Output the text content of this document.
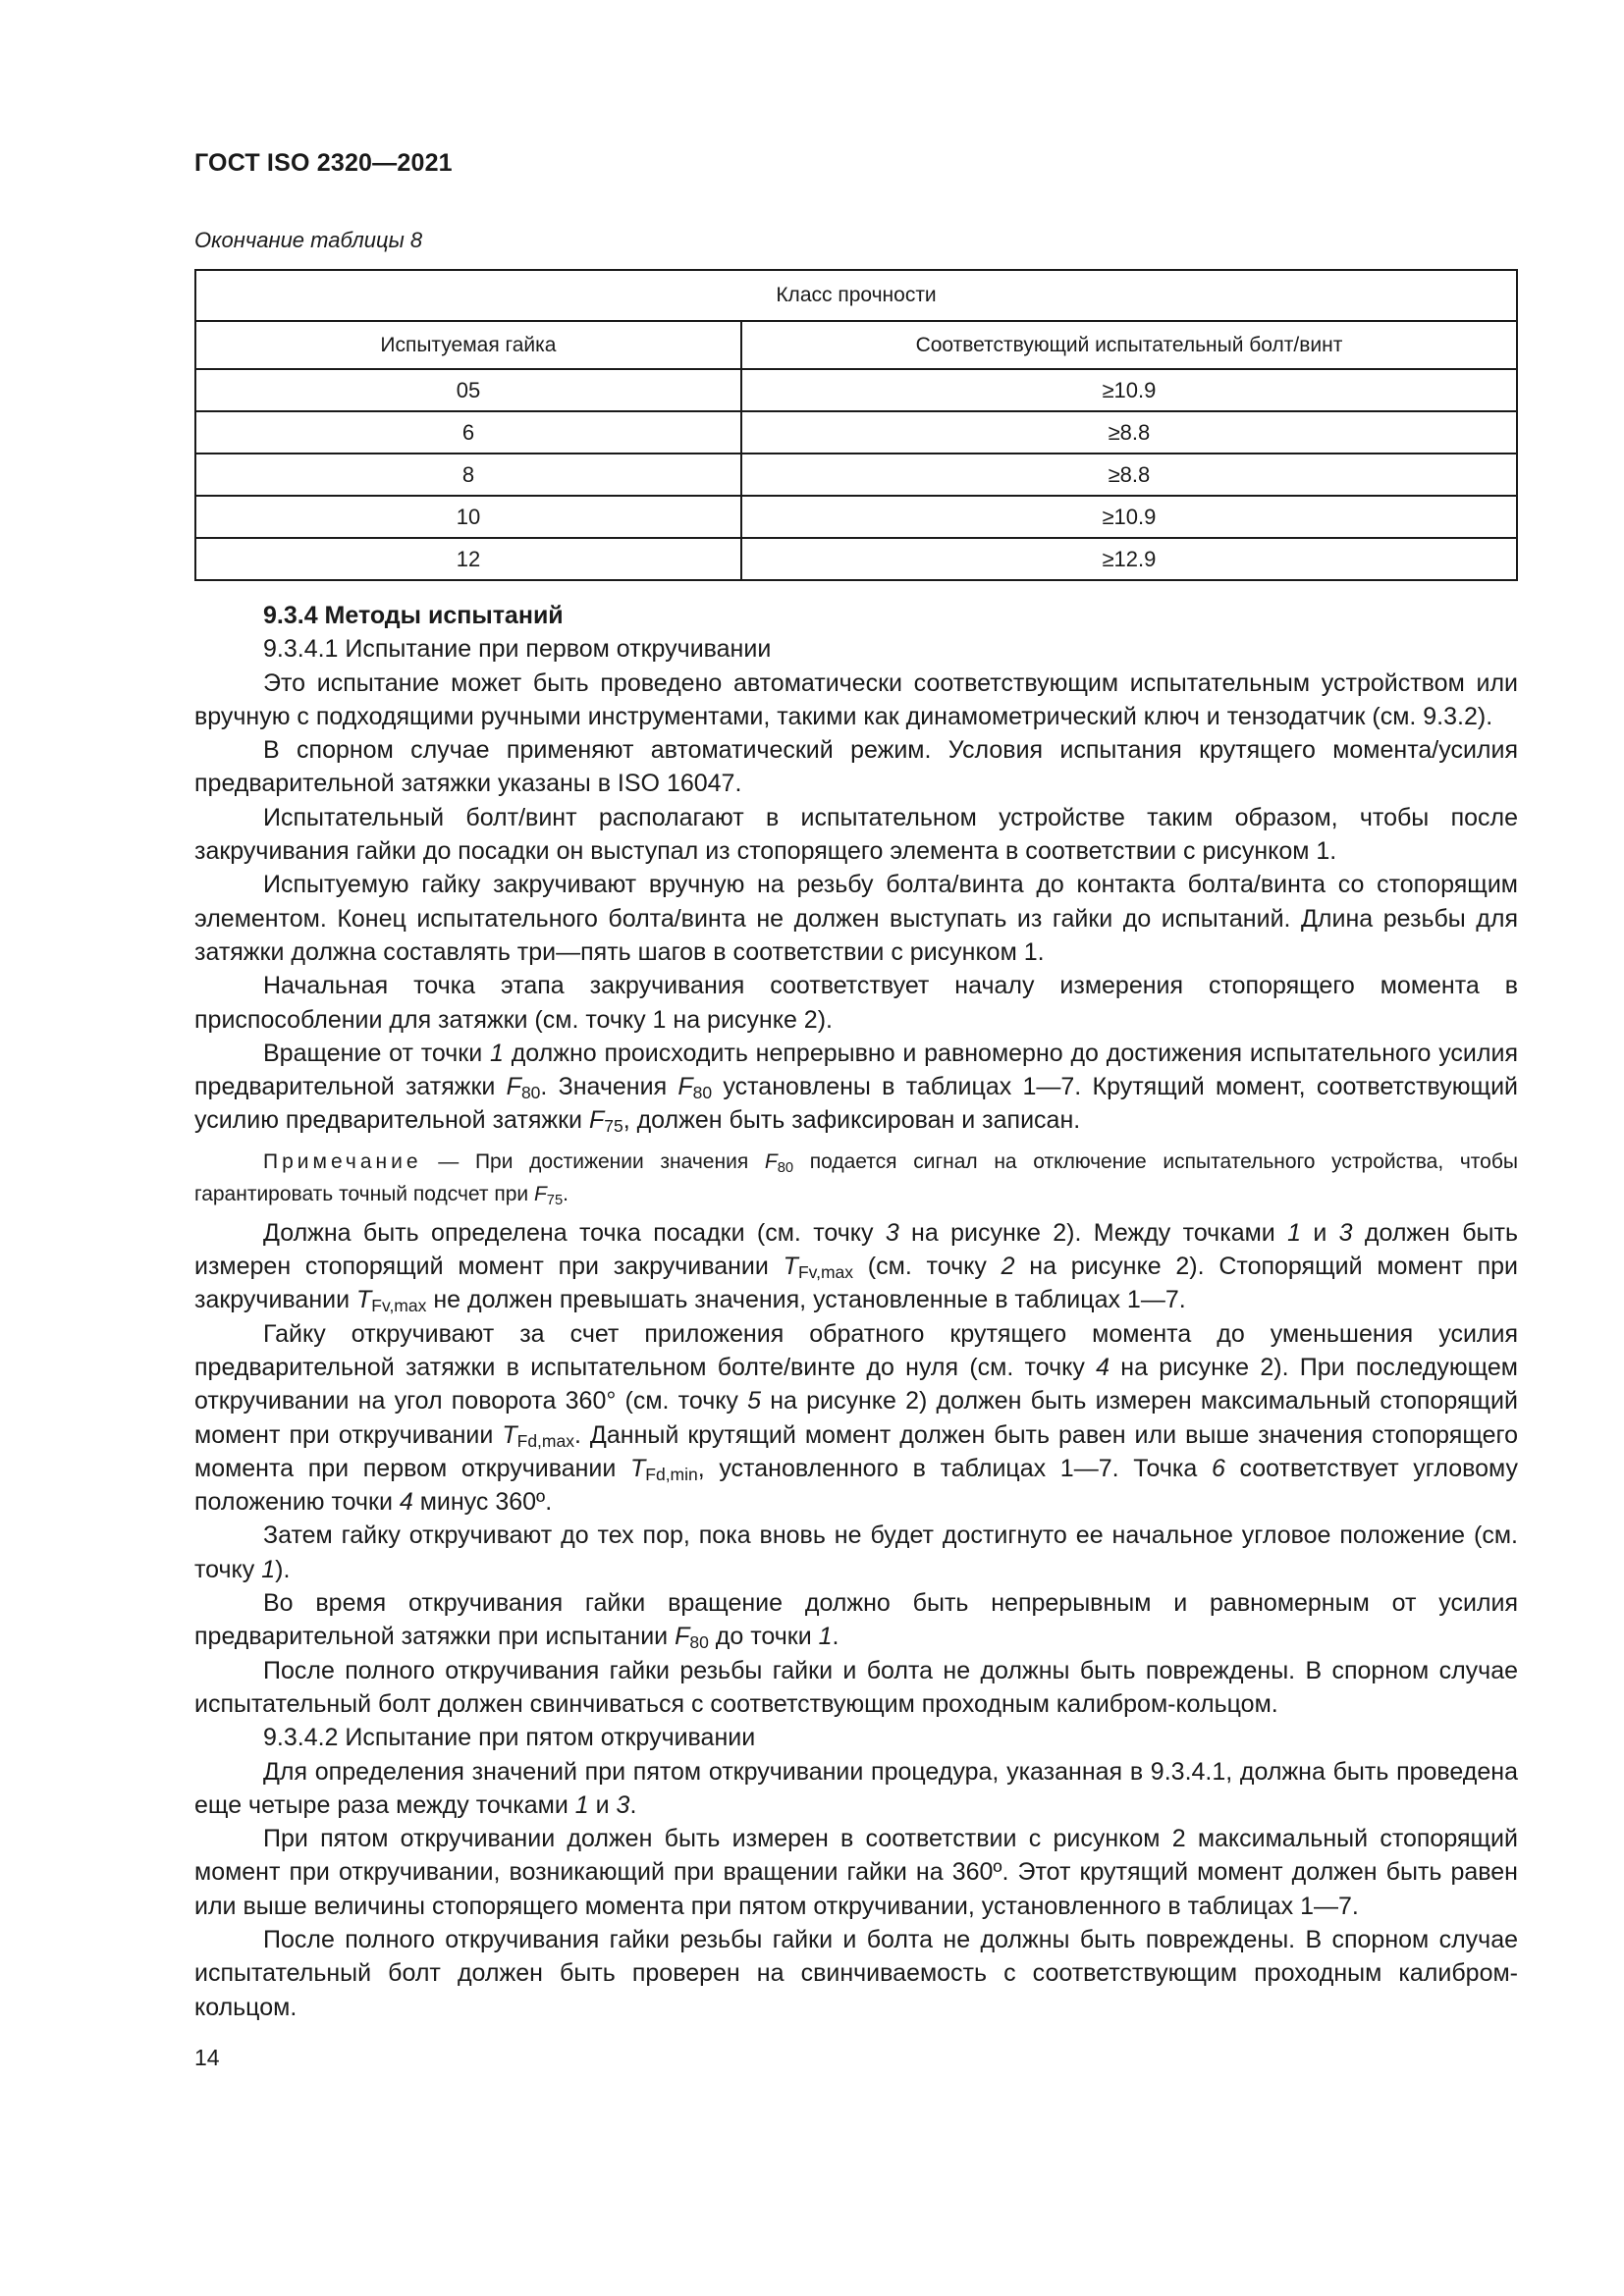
ГОСТ ISO 2320—2021
Окончание таблицы 8
Класс прочности	
Испытуемая гайка	Соответствующий испытательный болт/винт
05	≥10.9
6	≥8.8
8	≥8.8
10	≥10.9
12	≥12.9

9.3.4 Методы испытаний

9.3.4.1 Испытание при первом откручивании

Это испытание может быть проведено автоматически соответствующим испытательным устройством или вручную с подходящими ручными инструментами, такими как динамометрический ключ и тензодатчик (см. 9.3.2).

В спорном случае применяют автоматический режим. Условия испытания крутящего момента/усилия предварительной затяжки указаны в ISO 16047.

Испытательный болт/винт располагают в испытательном устройстве таким образом, чтобы после закручивания гайки до посадки он выступал из стопорящего элемента в соответствии с рисунком 1.

Испытуемую гайку закручивают вручную на резьбу болта/винта до контакта болта/винта со стопорящим элементом. Конец испытательного болта/винта не должен выступать из гайки до испытаний. Длина резьбы для затяжки должна составлять три—пять шагов в соответствии с рисунком 1.

Начальная точка этапа закручивания соответствует началу измерения стопорящего момента в приспособлении для затяжки (см. точку 1 на рисунке 2).

Вращение от точки 1 должно происходить непрерывно и равномерно до достижения испытательного усилия предварительной затяжки $F_{80}$. Значения $F_{80}$ установлены в таблицах 1—7. Крутящий момент, соответствующий усилию предварительной затяжки $F_{75}$, должен быть зафиксирован и записан.

Примечание — При достижении значения $F_{80}$ подается сигнал на отключение испытательного устройства, чтобы гарантировать точный подсчет при $F_{75}$.

Должна быть определена точка посадки (см. точку 3 на рисунке 2). Между точками 1 и 3 должен быть измерен стопорящий момент при закручивании $T_{Fv,max}$ (см. точку 2 на рисунке 2). Стопорящий момент при закручивании $T_{Fv,max}$ не должен превышать значения, установленные в таблицах 1—7.

Гайку откручивают за счет приложения обратного крутящего момента до уменьшения усилия предварительной затяжки в испытательном болте/винте до нуля (см. точку 4 на рисунке 2). При последующем откручивании на угол поворота 360° (см. точку 5 на рисунке 2) должен быть измерен максимальный стопорящий момент при откручивании $T_{Fd,max}$. Данный крутящий момент должен быть равен или выше значения стопорящего момента при первом откручивании $T_{Fd,min}$, установленного в таблицах 1—7. Точка 6 соответствует угловому положению точки 4 минус 360º.

Затем гайку откручивают до тех пор, пока вновь не будет достигнуто ее начальное угловое положение (см. точку 1).

Во время откручивания гайки вращение должно быть непрерывным и равномерным от усилия предварительной затяжки при испытании $F_{80}$ до точки 1.

После полного откручивания гайки резьбы гайки и болта не должны быть повреждены. В спорном случае испытательный болт должен свинчиваться с соответствующим проходным калибром-кольцом.

9.3.4.2 Испытание при пятом откручивании

Для определения значений при пятом откручивании процедура, указанная в 9.3.4.1, должна быть проведена еще четыре раза между точками 1 и 3.

При пятом откручивании должен быть измерен в соответствии с рисунком 2 максимальный стопорящий момент при откручивании, возникающий при вращении гайки на 360º. Этот крутящий момент должен быть равен или выше величины стопорящего момента при пятом откручивании, установленного в таблицах 1—7.

После полного откручивания гайки резьбы гайки и болта не должны быть повреждены. В спорном случае испытательный болт должен быть проверен на свинчиваемость с соответствующим проходным калибром-кольцом.

14
